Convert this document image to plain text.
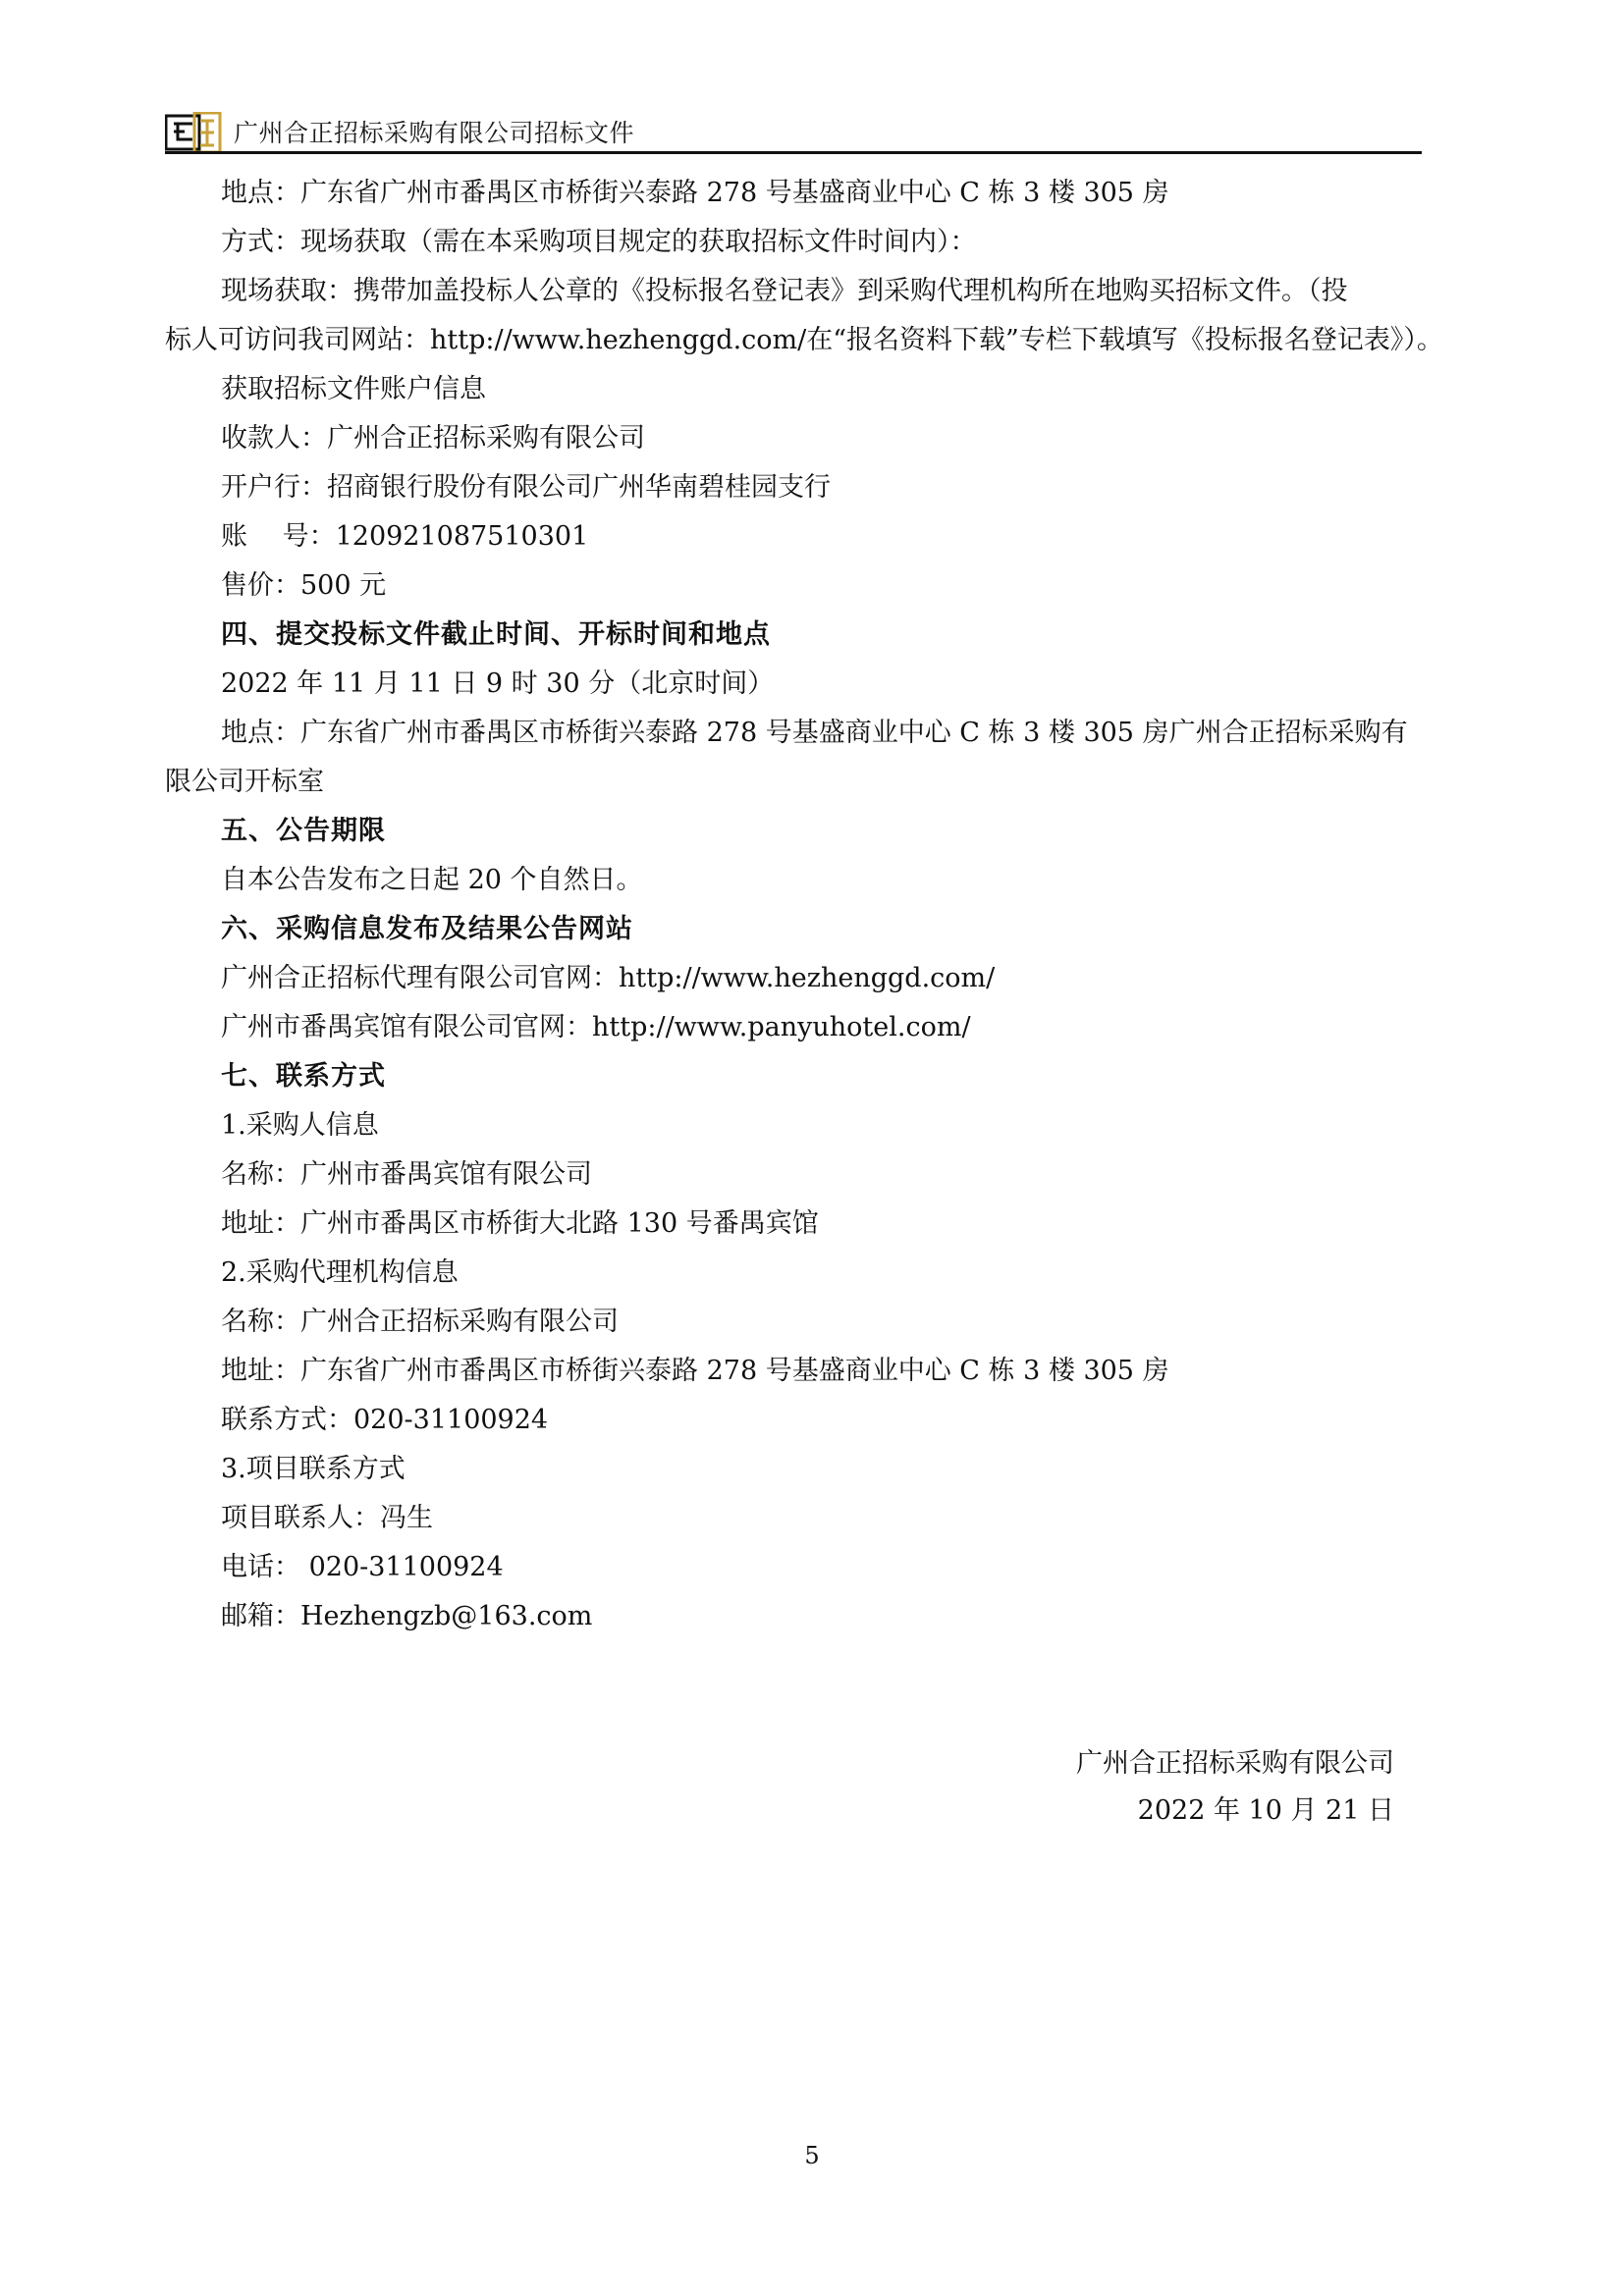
广州合正招标采购有限公司招标文件
地点：广东省广州市番禺区市桥街兴泰路 278 号基盛商业中心 C 栋 3 楼 305 房
方式：现场获取（需在本采购项目规定的获取招标文件时间内）：
现场获取：携带加盖投标人公章的《投标报名登记表》到采购代理机构所在地购买招标文件。（投
标人可访问我司网站：http://www.hezhenggd.com/在“报名资料下载”专栏下载填写《投标报名登记表》）。
获取招标文件账户信息
收款人：广州合正招标采购有限公司
开户行：招商银行股份有限公司广州华南碧桂园支行
账　 号：120921087510301
售价：500 元
四、提交投标文件截止时间、开标时间和地点
2022 年 11 月 11 日 9 时 30 分（北京时间）
地点：广东省广州市番禺区市桥街兴泰路 278 号基盛商业中心 C 栋 3 楼 305 房广州合正招标采购有
限公司开标室
五、公告期限
自本公告发布之日起 20 个自然日。
六、采购信息发布及结果公告网站
广州合正招标代理有限公司官网：http://www.hezhenggd.com/
广州市番禺宾馆有限公司官网：http://www.panyuhotel.com/
七、联系方式
1.采购人信息
名称：广州市番禺宾馆有限公司
地址：广州市番禺区市桥街大北路 130 号番禺宾馆
2.采购代理机构信息
名称：广州合正招标采购有限公司
地址：广东省广州市番禺区市桥街兴泰路 278 号基盛商业中心 C 栋 3 楼 305 房
联系方式：020-31100924
3.项目联系方式
项目联系人：冯生
电话： 020-31100924
邮箱：Hezhengzb@163.com
广州合正招标采购有限公司
2022 年 10 月 21 日
5
